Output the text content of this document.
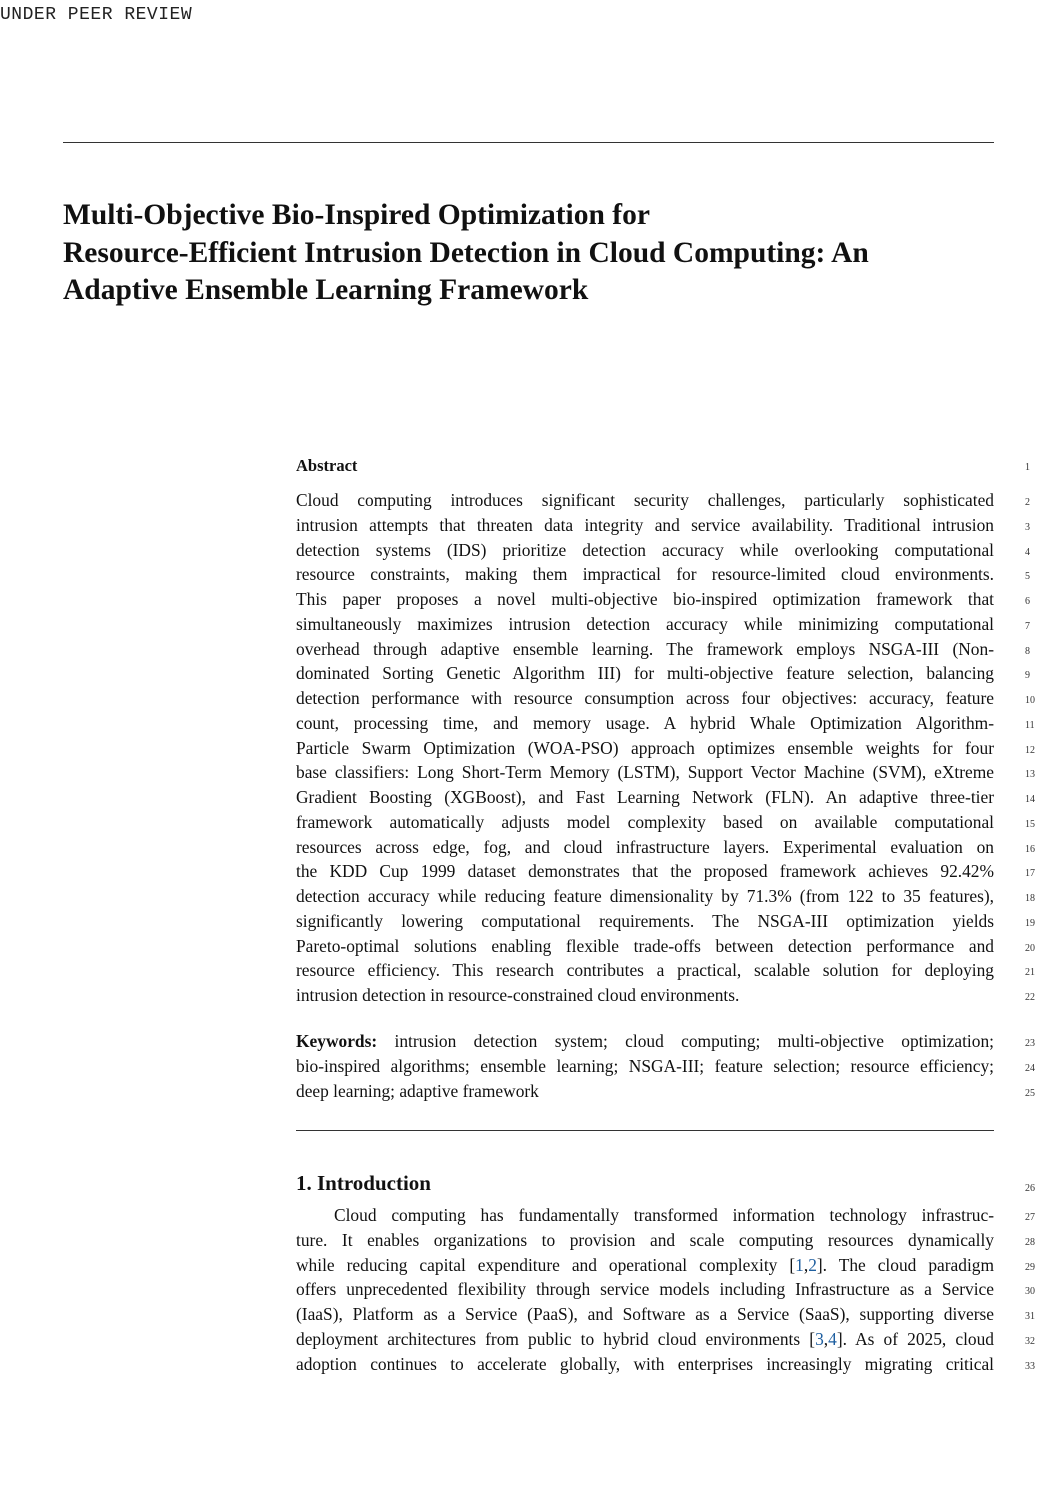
UNDER PEER REVIEW
Multi-Objective Bio-Inspired Optimization for
Resource-Efficient Intrusion Detection in Cloud Computing: An
Adaptive Ensemble Learning Framework
Abstract	1
Cloud computing introduces significant security challenges, particularly sophisticated	2
intrusion attempts that threaten data integrity and service availability. Traditional intrusion	3
detection systems (IDS) prioritize detection accuracy while overlooking computational	4
resource constraints, making them impractical for resource-limited cloud environments.	5
This paper proposes a novel multi-objective bio-inspired optimization framework that	6
simultaneously maximizes intrusion detection accuracy while minimizing computational	7
overhead through adaptive ensemble learning. The framework employs NSGA-III (Non-	8
dominated Sorting Genetic Algorithm III) for multi-objective feature selection, balancing	9
detection performance with resource consumption across four objectives: accuracy, feature	10
count, processing time, and memory usage. A hybrid Whale Optimization Algorithm-	11
Particle Swarm Optimization (WOA-PSO) approach optimizes ensemble weights for four	12
base classifiers: Long Short-Term Memory (LSTM), Support Vector Machine (SVM), eXtreme	13
Gradient Boosting (XGBoost), and Fast Learning Network (FLN). An adaptive three-tier	14
framework automatically adjusts model complexity based on available computational	15
resources across edge, fog, and cloud infrastructure layers. Experimental evaluation on	16
the KDD Cup 1999 dataset demonstrates that the proposed framework achieves 92.42%	17
detection accuracy while reducing feature dimensionality by 71.3% (from 122 to 35 features),	18
significantly lowering computational requirements. The NSGA-III optimization yields	19
Pareto-optimal solutions enabling flexible trade-offs between detection performance and	20
resource efficiency. This research contributes a practical, scalable solution for deploying	21
intrusion detection in resource-constrained cloud environments.	22
Keywords: intrusion detection system; cloud computing; multi-objective optimization;	23
bio-inspired algorithms; ensemble learning; NSGA-III; feature selection; resource efficiency;	24
deep learning; adaptive framework	25
1. Introduction	26
Cloud computing has fundamentally transformed information technology infrastruc-	27
ture. It enables organizations to provision and scale computing resources dynamically	28
while reducing capital expenditure and operational complexity [1,2]. The cloud paradigm	29
offers unprecedented flexibility through service models including Infrastructure as a Service	30
(IaaS), Platform as a Service (PaaS), and Software as a Service (SaaS), supporting diverse	31
deployment architectures from public to hybrid cloud environments [3,4]. As of 2025, cloud	32
adoption continues to accelerate globally, with enterprises increasingly migrating critical	33
